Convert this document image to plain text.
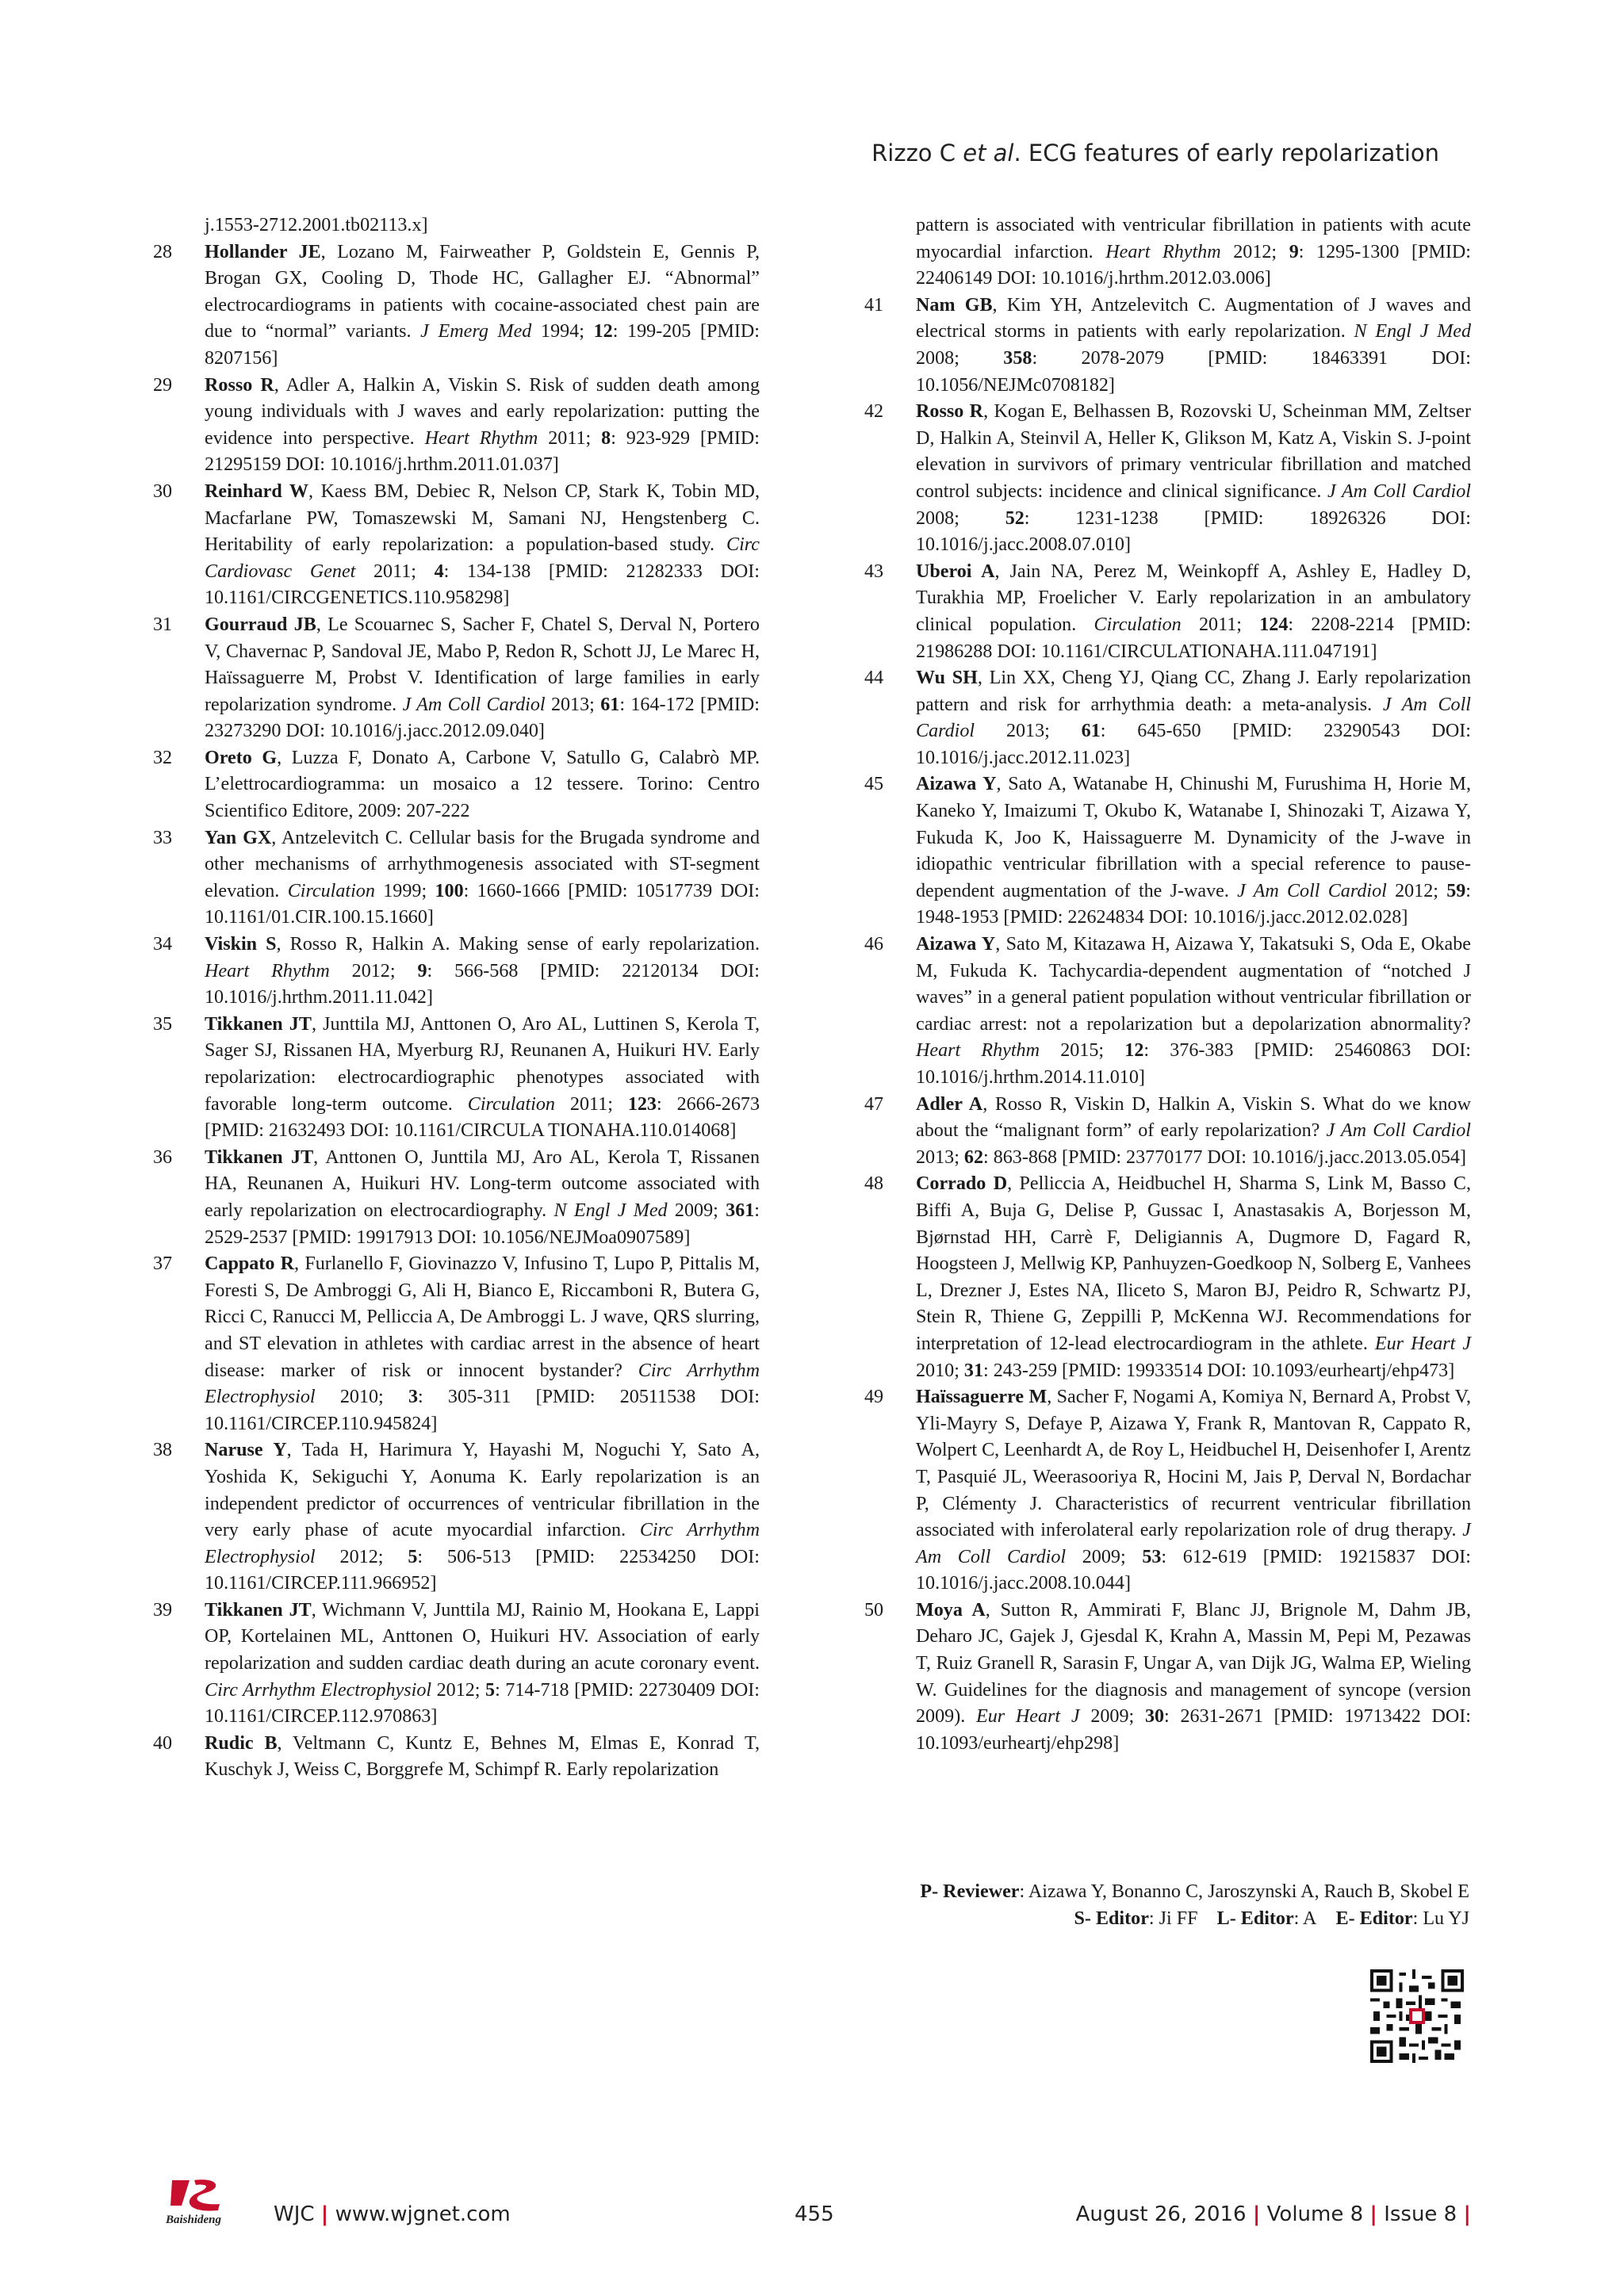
Rizzo C et al. ECG features of early repolarization
j.1553-2712.2001.tb02113.x]
28	Hollander JE, Lozano M, Fairweather P, Goldstein E, Gennis P, Brogan GX, Cooling D, Thode HC, Gallagher EJ. “Abnormal” electrocardiograms in patients with cocaine-associated chest pain are due to “normal” variants. J Emerg Med 1994; 12: 199-205 [PMID: 8207156]
29	Rosso R, Adler A, Halkin A, Viskin S. Risk of sudden death among young individuals with J waves and early repolarization: putting the evidence into perspective. Heart Rhythm 2011; 8: 923-929 [PMID: 21295159 DOI: 10.1016/j.hrthm.2011.01.037]
30	Reinhard W, Kaess BM, Debiec R, Nelson CP, Stark K, Tobin MD, Macfarlane PW, Tomaszewski M, Samani NJ, Hengstenberg C. Heritability of early repolarization: a population-based study. Circ Cardiovasc Genet 2011; 4: 134-138 [PMID: 21282333 DOI: 10.1161/CIRCGENETICS.110.958298]
31	Gourraud JB, Le Scouarnec S, Sacher F, Chatel S, Derval N, Portero V, Chavernac P, Sandoval JE, Mabo P, Redon R, Schott JJ, Le Marec H, Haïssaguerre M, Probst V. Identification of large families in early repolarization syndrome. J Am Coll Cardiol 2013; 61: 164-172 [PMID: 23273290 DOI: 10.1016/j.jacc.2012.09.040]
32	Oreto G, Luzza F, Donato A, Carbone V, Satullo G, Calabrò MP. L’elettrocardiogramma: un mosaico a 12 tessere. Torino: Centro Scientifico Editore, 2009: 207-222
33	Yan GX, Antzelevitch C. Cellular basis for the Brugada syndrome and other mechanisms of arrhythmogenesis associated with ST-segment elevation. Circulation 1999; 100: 1660-1666 [PMID: 10517739 DOI: 10.1161/01.CIR.100.15.1660]
34	Viskin S, Rosso R, Halkin A. Making sense of early repolarization. Heart Rhythm 2012; 9: 566-568 [PMID: 22120134 DOI: 10.1016/j.hrthm.2011.11.042]
35	Tikkanen JT, Junttila MJ, Anttonen O, Aro AL, Luttinen S, Kerola T, Sager SJ, Rissanen HA, Myerburg RJ, Reunanen A, Huikuri HV. Early repolarization: electrocardiographic phenotypes associated with favorable long-term outcome. Circulation 2011; 123: 2666-2673 [PMID: 21632493 DOI: 10.1161/CIRCULA TIONAHA.110.014068]
36	Tikkanen JT, Anttonen O, Junttila MJ, Aro AL, Kerola T, Rissanen HA, Reunanen A, Huikuri HV. Long-term outcome associated with early repolarization on electrocardiography. N Engl J Med 2009; 361: 2529-2537 [PMID: 19917913 DOI: 10.1056/NEJMoa0907589]
37	Cappato R, Furlanello F, Giovinazzo V, Infusino T, Lupo P, Pittalis M, Foresti S, De Ambroggi G, Ali H, Bianco E, Riccamboni R, Butera G, Ricci C, Ranucci M, Pelliccia A, De Ambroggi L. J wave, QRS slurring, and ST elevation in athletes with cardiac arrest in the absence of heart disease: marker of risk or innocent bystander? Circ Arrhythm Electrophysiol 2010; 3: 305-311 [PMID: 20511538 DOI: 10.1161/CIRCEP.110.945824]
38	Naruse Y, Tada H, Harimura Y, Hayashi M, Noguchi Y, Sato A, Yoshida K, Sekiguchi Y, Aonuma K. Early repolarization is an independent predictor of occurrences of ventricular fibrillation in the very early phase of acute myocardial infarction. Circ Arrhythm Electrophysiol 2012; 5: 506-513 [PMID: 22534250 DOI: 10.1161/CIRCEP.111.966952]
39	Tikkanen JT, Wichmann V, Junttila MJ, Rainio M, Hookana E, Lappi OP, Kortelainen ML, Anttonen O, Huikuri HV. Association of early repolarization and sudden cardiac death during an acute coronary event. Circ Arrhythm Electrophysiol 2012; 5: 714-718 [PMID: 22730409 DOI: 10.1161/CIRCEP.112.970863]
40	Rudic B, Veltmann C, Kuntz E, Behnes M, Elmas E, Konrad T, Kuschyk J, Weiss C, Borggrefe M, Schimpf R. Early repolarization
pattern is associated with ventricular fibrillation in patients with acute myocardial infarction. Heart Rhythm 2012; 9: 1295-1300 [PMID: 22406149 DOI: 10.1016/j.hrthm.2012.03.006]
41	Nam GB, Kim YH, Antzelevitch C. Augmentation of J waves and electrical storms in patients with early repolarization. N Engl J Med 2008; 358: 2078-2079 [PMID: 18463391 DOI: 10.1056/NEJMc0708182]
42	Rosso R, Kogan E, Belhassen B, Rozovski U, Scheinman MM, Zeltser D, Halkin A, Steinvil A, Heller K, Glikson M, Katz A, Viskin S. J-point elevation in survivors of primary ventricular fibrillation and matched control subjects: incidence and clinical significance. J Am Coll Cardiol 2008; 52: 1231-1238 [PMID: 18926326 DOI: 10.1016/j.jacc.2008.07.010]
43	Uberoi A, Jain NA, Perez M, Weinkopff A, Ashley E, Hadley D, Turakhia MP, Froelicher V. Early repolarization in an ambulatory clinical population. Circulation 2011; 124: 2208-2214 [PMID: 21986288 DOI: 10.1161/CIRCULATIONAHA.111.047191]
44	Wu SH, Lin XX, Cheng YJ, Qiang CC, Zhang J. Early repolarization pattern and risk for arrhythmia death: a meta-analysis. J Am Coll Cardiol 2013; 61: 645-650 [PMID: 23290543 DOI: 10.1016/j.jacc.2012.11.023]
45	Aizawa Y, Sato A, Watanabe H, Chinushi M, Furushima H, Horie M, Kaneko Y, Imaizumi T, Okubo K, Watanabe I, Shinozaki T, Aizawa Y, Fukuda K, Joo K, Haissaguerre M. Dynamicity of the J-wave in idiopathic ventricular fibrillation with a special reference to pause-dependent augmentation of the J-wave. J Am Coll Cardiol 2012; 59: 1948-1953 [PMID: 22624834 DOI: 10.1016/j.jacc.2012.02.028]
46	Aizawa Y, Sato M, Kitazawa H, Aizawa Y, Takatsuki S, Oda E, Okabe M, Fukuda K. Tachycardia-dependent augmentation of “notched J waves” in a general patient population without ventricular fibrillation or cardiac arrest: not a repolarization but a depolarization abnormality? Heart Rhythm 2015; 12: 376-383 [PMID: 25460863 DOI: 10.1016/j.hrthm.2014.11.010]
47	Adler A, Rosso R, Viskin D, Halkin A, Viskin S. What do we know about the “malignant form” of early repolarization? J Am Coll Cardiol 2013; 62: 863-868 [PMID: 23770177 DOI: 10.1016/j.jacc.2013.05.054]
48	Corrado D, Pelliccia A, Heidbuchel H, Sharma S, Link M, Basso C, Biffi A, Buja G, Delise P, Gussac I, Anastasakis A, Borjesson M, Bjørnstad HH, Carrè F, Deligiannis A, Dugmore D, Fagard R, Hoogsteen J, Mellwig KP, Panhuyzen-Goedkoop N, Solberg E, Vanhees L, Drezner J, Estes NA, Iliceto S, Maron BJ, Peidro R, Schwartz PJ, Stein R, Thiene G, Zeppilli P, McKenna WJ. Recommendations for interpretation of 12-lead electrocardiogram in the athlete. Eur Heart J 2010; 31: 243-259 [PMID: 19933514 DOI: 10.1093/eurheartj/ehp473]
49	Haïssaguerre M, Sacher F, Nogami A, Komiya N, Bernard A, Probst V, Yli-Mayry S, Defaye P, Aizawa Y, Frank R, Mantovan R, Cappato R, Wolpert C, Leenhardt A, de Roy L, Heidbuchel H, Deisenhofer I, Arentz T, Pasquié JL, Weerasooriya R, Hocini M, Jais P, Derval N, Bordachar P, Clémenty J. Characteristics of recurrent ventricular fibrillation associated with inferolateral early repolarization role of drug therapy. J Am Coll Cardiol 2009; 53: 612-619 [PMID: 19215837 DOI: 10.1016/j.jacc.2008.10.044]
50	Moya A, Sutton R, Ammirati F, Blanc JJ, Brignole M, Dahm JB, Deharo JC, Gajek J, Gjesdal K, Krahn A, Massin M, Pepi M, Pezawas T, Ruiz Granell R, Sarasin F, Ungar A, van Dijk JG, Walma EP, Wieling W. Guidelines for the diagnosis and management of syncope (version 2009). Eur Heart J 2009; 30: 2631-2671 [PMID: 19713422 DOI: 10.1093/eurheartj/ehp298]
P- Reviewer: Aizawa Y, Bonanno C, Jaroszynski A, Rauch B, Skobel E
S- Editor: Ji FF L- Editor: A E- Editor: Lu YJ
Baishideng	WJC | www.wjgnet.com	455	August 26, 2016 | Volume 8 | Issue 8 |
